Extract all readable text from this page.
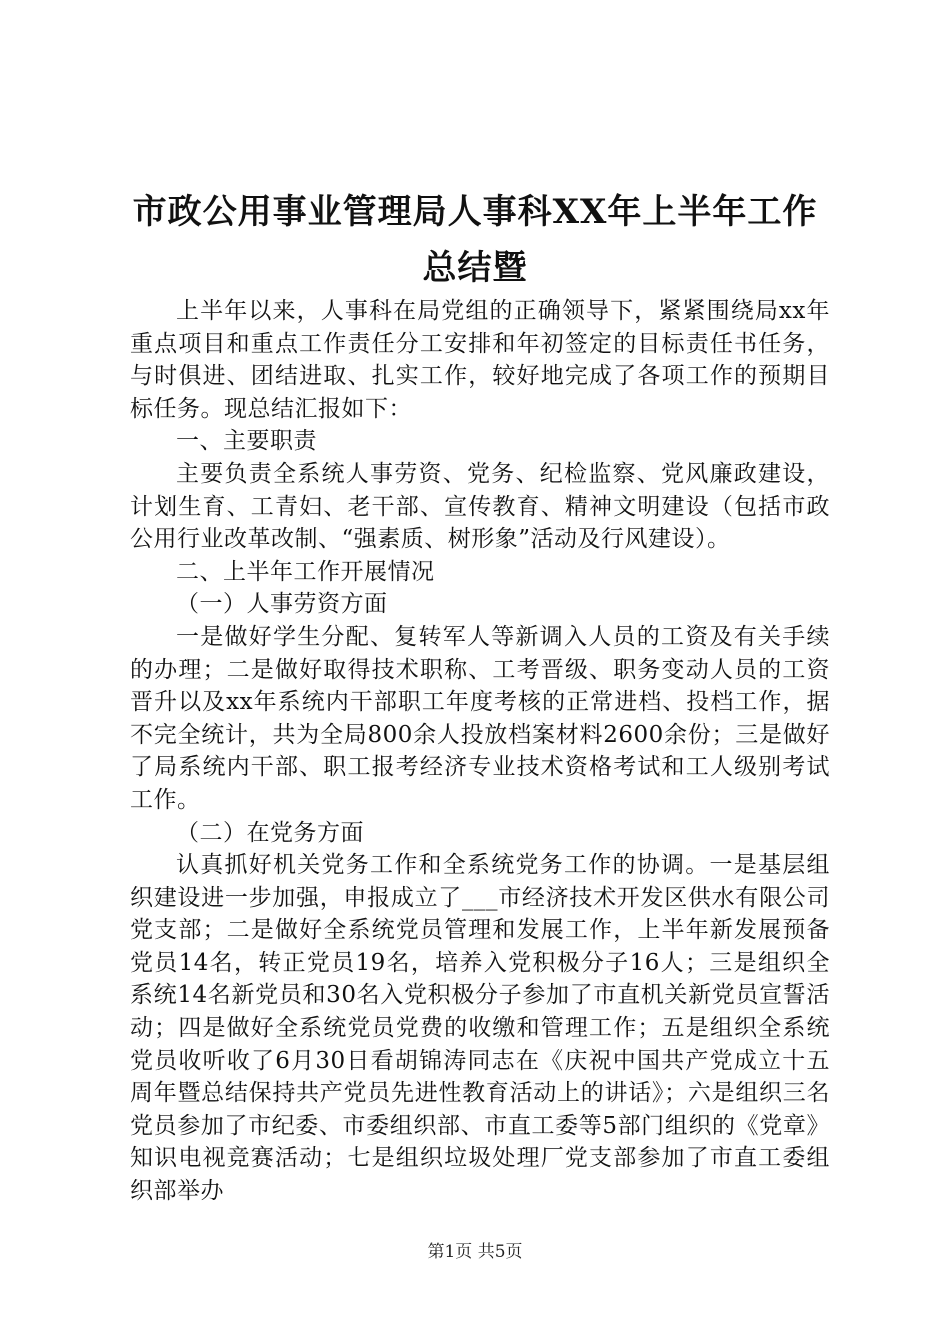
市政公用事业管理局人事科XX年上半年工作
总结暨

上半年以来，人事科在局党组的正确领导下，紧紧围绕局xx年重点项目和重点工作责任分工安排和年初签定的目标责任书任务，与时俱进、团结进取、扎实工作，较好地完成了各项工作的预期目标任务。现总结汇报如下：

一、主要职责

主要负责全系统人事劳资、党务、纪检监察、党风廉政建设，计划生育、工青妇、老干部、宣传教育、精神文明建设（包括市政公用行业改革改制、“强素质、树形象”活动及行风建设）。

二、上半年工作开展情况

（一）人事劳资方面

一是做好学生分配、复转军人等新调入人员的工资及有关手续的办理；二是做好取得技术职称、工考晋级、职务变动人员的工资晋升以及xx年系统内干部职工年度考核的正常进档、投档工作，据不完全统计，共为全局800余人投放档案材料2600余份；三是做好了局系统内干部、职工报考经济专业技术资格考试和工人级别考试工作。

（二）在党务方面

认真抓好机关党务工作和全系统党务工作的协调。一是基层组织建设进一步加强，申报成立了___市经济技术开发区供水有限公司党支部；二是做好全系统党员管理和发展工作，上半年新发展预备党员14名，转正党员19名，培养入党积极分子16人；三是组织全系统14名新党员和30名入党积极分子参加了市直机关新党员宣誓活动；四是做好全系统党员党费的收缴和管理工作；五是组织全系统党员收听收了6月30日看胡锦涛同志在《庆祝中国共产党成立十五周年暨总结保持共产党员先进性教育活动上的讲话》；六是组织三名党员参加了市纪委、市委组织部、市直工委等5部门组织的《党章》知识电视竞赛活动；七是组织垃圾处理厂党支部参加了市直工委组织部举办

第1页 共5页
